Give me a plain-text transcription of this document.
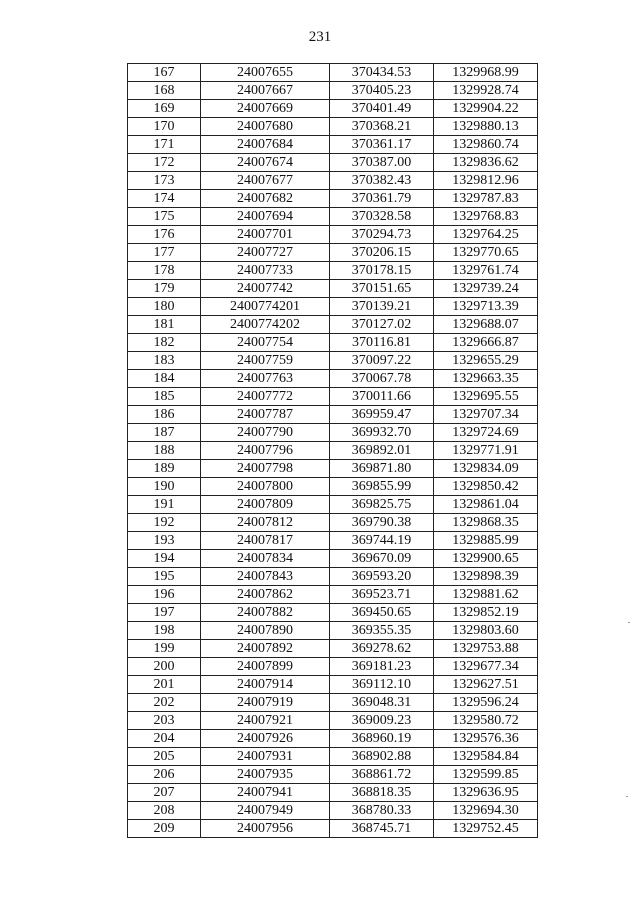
231
167	24007655	370434.53	1329968.99
168	24007667	370405.23	1329928.74
169	24007669	370401.49	1329904.22
170	24007680	370368.21	1329880.13
171	24007684	370361.17	1329860.74
172	24007674	370387.00	1329836.62
173	24007677	370382.43	1329812.96
174	24007682	370361.79	1329787.83
175	24007694	370328.58	1329768.83
176	24007701	370294.73	1329764.25
177	24007727	370206.15	1329770.65
178	24007733	370178.15	1329761.74
179	24007742	370151.65	1329739.24
180	2400774201	370139.21	1329713.39
181	2400774202	370127.02	1329688.07
182	24007754	370116.81	1329666.87
183	24007759	370097.22	1329655.29
184	24007763	370067.78	1329663.35
185	24007772	370011.66	1329695.55
186	24007787	369959.47	1329707.34
187	24007790	369932.70	1329724.69
188	24007796	369892.01	1329771.91
189	24007798	369871.80	1329834.09
190	24007800	369855.99	1329850.42
191	24007809	369825.75	1329861.04
192	24007812	369790.38	1329868.35
193	24007817	369744.19	1329885.99
194	24007834	369670.09	1329900.65
195	24007843	369593.20	1329898.39
196	24007862	369523.71	1329881.62
197	24007882	369450.65	1329852.19
198	24007890	369355.35	1329803.60
199	24007892	369278.62	1329753.88
200	24007899	369181.23	1329677.34
201	24007914	369112.10	1329627.51
202	24007919	369048.31	1329596.24
203	24007921	369009.23	1329580.72
204	24007926	368960.19	1329576.36
205	24007931	368902.88	1329584.84
206	24007935	368861.72	1329599.85
207	24007941	368818.35	1329636.95
208	24007949	368780.33	1329694.30
209	24007956	368745.71	1329752.45
